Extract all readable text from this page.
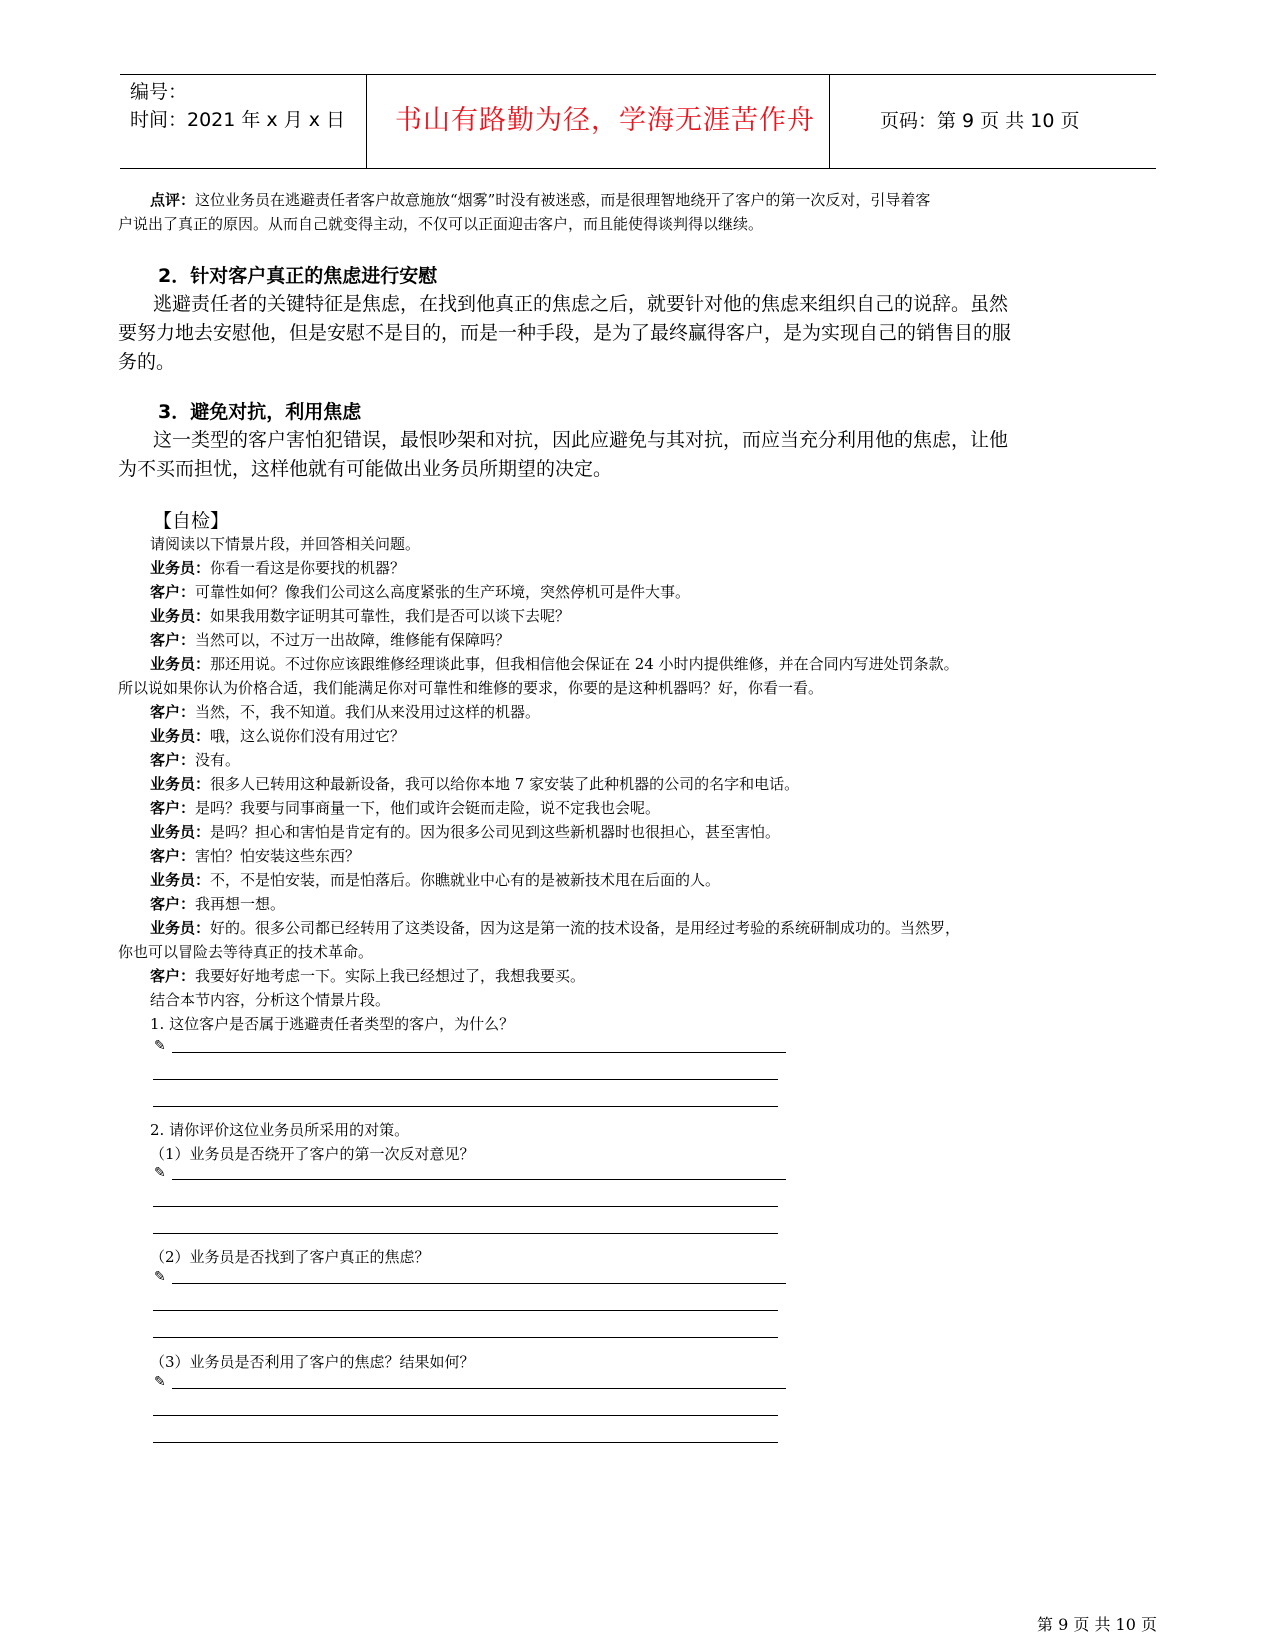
编号：
时间：2021 年 x 月 x 日	书山有路勤为径，学海无涯苦作舟	页码：第 9 页 共 10 页
点评：这位业务员在逃避责任者客户故意施放“烟雾”时没有被迷惑，而是很理智地绕开了客户的第一次反对，引导着客
户说出了真正的原因。从而自己就变得主动，不仅可以正面迎击客户，而且能使得谈判得以继续。
2．针对客户真正的焦虑进行安慰
逃避责任者的关键特征是焦虑，在找到他真正的焦虑之后，就要针对他的焦虑来组织自己的说辞。虽然
要努力地去安慰他，但是安慰不是目的，而是一种手段，是为了最终赢得客户，是为实现自己的销售目的服
务的。
3．避免对抗，利用焦虑
这一类型的客户害怕犯错误，最恨吵架和对抗，因此应避免与其对抗，而应当充分利用他的焦虑，让他
为不买而担忧，这样他就有可能做出业务员所期望的决定。
【自检】
请阅读以下情景片段，并回答相关问题。
业务员：你看一看这是你要找的机器？
客户：可靠性如何？像我们公司这么高度紧张的生产环境，突然停机可是件大事。
业务员：如果我用数字证明其可靠性，我们是否可以谈下去呢？
客户：当然可以，不过万一出故障，维修能有保障吗？
业务员：那还用说。不过你应该跟维修经理谈此事，但我相信他会保证在 24 小时内提供维修，并在合同内写进处罚条款。
所以说如果你认为价格合适，我们能满足你对可靠性和维修的要求，你要的是这种机器吗？好，你看一看。
客户：当然，不，我不知道。我们从来没用过这样的机器。
业务员：哦，这么说你们没有用过它？
客户：没有。
业务员：很多人已转用这种最新设备，我可以给你本地 7 家安装了此种机器的公司的名字和电话。
客户：是吗？我要与同事商量一下，他们或许会铤而走险，说不定我也会呢。
业务员：是吗？担心和害怕是肯定有的。因为很多公司见到这些新机器时也很担心，甚至害怕。
客户：害怕？怕安装这些东西？
业务员：不，不是怕安装，而是怕落后。你瞧就业中心有的是被新技术甩在后面的人。
客户：我再想一想。
业务员：好的。很多公司都已经转用了这类设备，因为这是第一流的技术设备，是用经过考验的系统研制成功的。当然罗，
你也可以冒险去等待真正的技术革命。
客户：我要好好地考虑一下。实际上我已经想过了，我想我要买。
结合本节内容，分析这个情景片段。
1. 这位客户是否属于逃避责任者类型的客户，为什么？
✎
2. 请你评价这位业务员所采用的对策。
（1）业务员是否绕开了客户的第一次反对意见？
✎
（2）业务员是否找到了客户真正的焦虑？
✎
（3）业务员是否利用了客户的焦虑？结果如何？
✎
第 9 页 共 10 页
